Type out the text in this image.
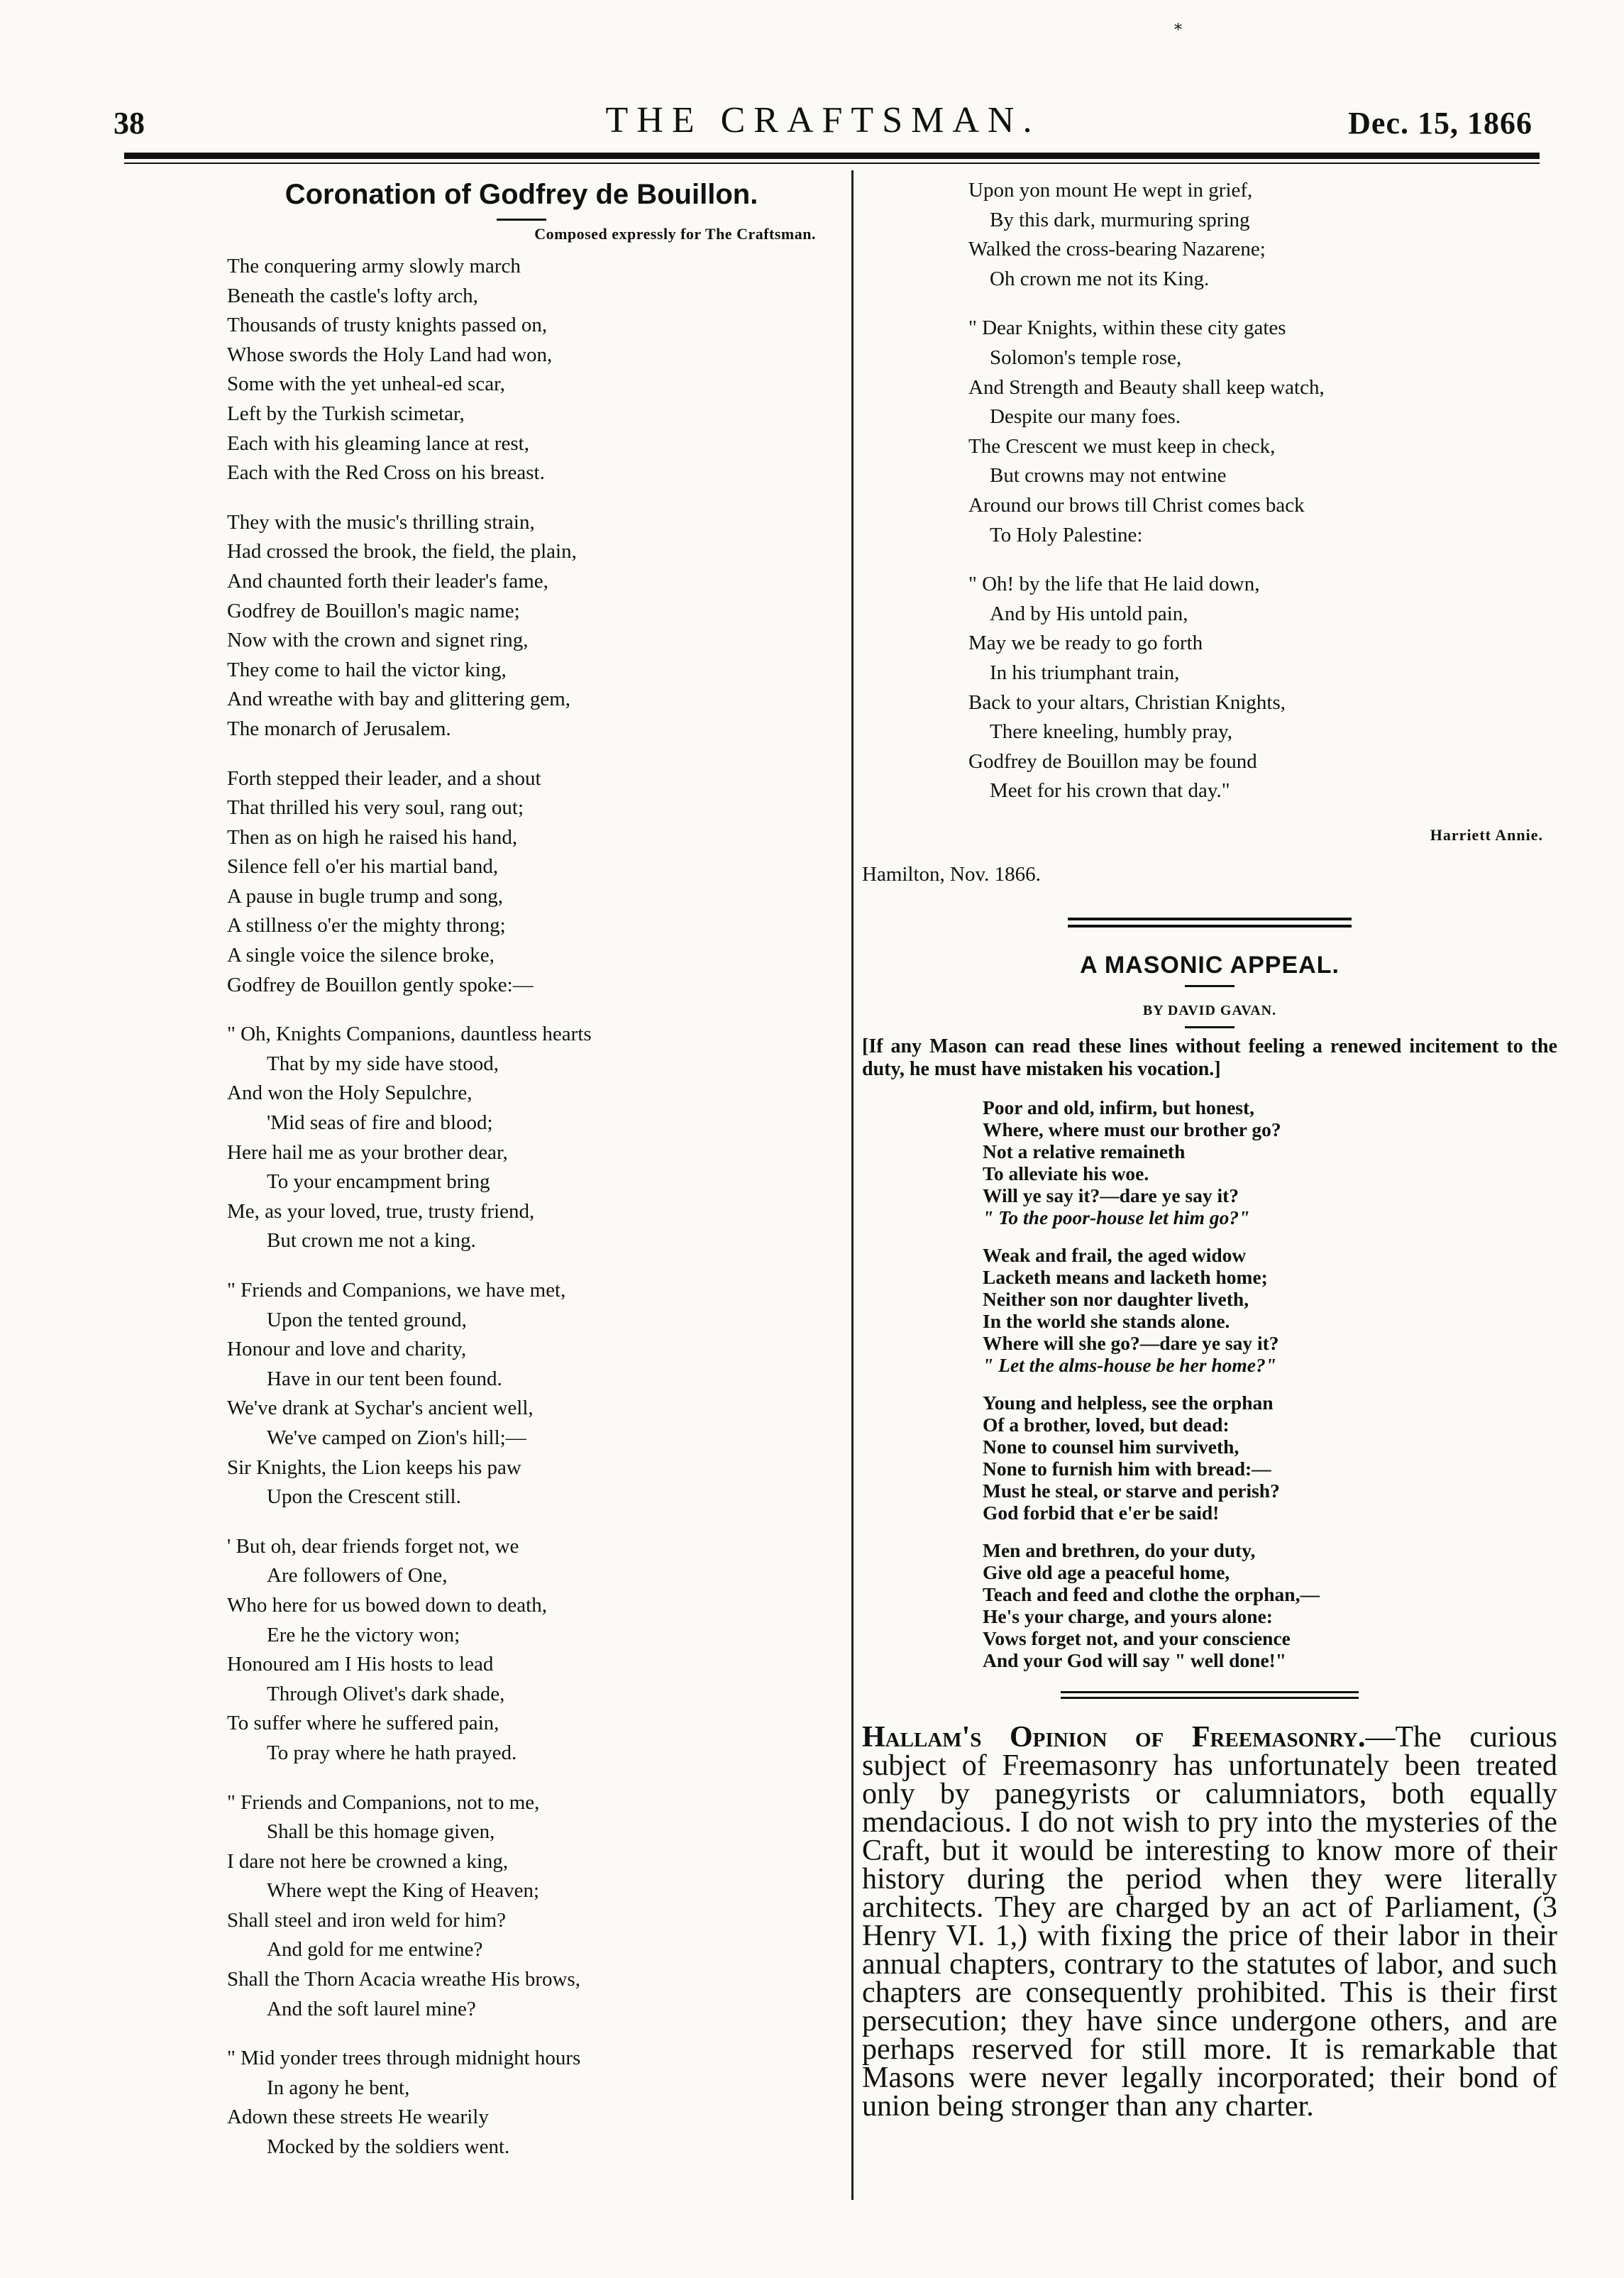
⁎
38	THE CRAFTSMAN.	Dec. 15, 1866
Coronation of Godfrey de Bouillon.
Composed expressly for The Craftsman.
The conquering army slowly march
Beneath the castle's lofty arch,
Thousands of trusty knights passed on,
Whose swords the Holy Land had won,
Some with the yet unheal-ed scar,
Left by the Turkish scimetar,
Each with his gleaming lance at rest,
Each with the Red Cross on his breast.
They with the music's thrilling strain,
Had crossed the brook, the field, the plain,
And chaunted forth their leader's fame,
Godfrey de Bouillon's magic name;
Now with the crown and signet ring,
They come to hail the victor king,
And wreathe with bay and glittering gem,
The monarch of Jerusalem.
Forth stepped their leader, and a shout
That thrilled his very soul, rang out;
Then as on high he raised his hand,
Silence fell o'er his martial band,
A pause in bugle trump and song,
A stillness o'er the mighty throng;
A single voice the silence broke,
Godfrey de Bouillon gently spoke:—
" Oh, Knights Companions, dauntless hearts
That by my side have stood,
And won the Holy Sepulchre,
'Mid seas of fire and blood;
Here hail me as your brother dear,
To your encampment bring
Me, as your loved, true, trusty friend,
But crown me not a king.
" Friends and Companions, we have met,
Upon the tented ground,
Honour and love and charity,
Have in our tent been found.
We've drank at Sychar's ancient well,
We've camped on Zion's hill;—
Sir Knights, the Lion keeps his paw
Upon the Crescent still.
' But oh, dear friends forget not, we
Are followers of One,
Who here for us bowed down to death,
Ere he the victory won;
Honoured am I His hosts to lead
Through Olivet's dark shade,
To suffer where he suffered pain,
To pray where he hath prayed.
" Friends and Companions, not to me,
Shall be this homage given,
I dare not here be crowned a king,
Where wept the King of Heaven;
Shall steel and iron weld for him?
And gold for me entwine?
Shall the Thorn Acacia wreathe His brows,
And the soft laurel mine?
" Mid yonder trees through midnight hours
In agony he bent,
Adown these streets He wearily
Mocked by the soldiers went.
Upon yon mount He wept in grief,
By this dark, murmuring spring
Walked the cross-bearing Nazarene;
Oh crown me not its King.
" Dear Knights, within these city gates
Solomon's temple rose,
And Strength and Beauty shall keep watch,
Despite our many foes.
The Crescent we must keep in check,
But crowns may not entwine
Around our brows till Christ comes back
To Holy Palestine:
" Oh! by the life that He laid down,
And by His untold pain,
May we be ready to go forth
In his triumphant train,
Back to your altars, Christian Knights,
There kneeling, humbly pray,
Godfrey de Bouillon may be found
Meet for his crown that day."
Harriett Annie.
Hamilton, Nov. 1866.
A MASONIC APPEAL.
BY DAVID GAVAN.
[If any Mason can read these lines without feeling a renewed incitement to the duty, he must have mistaken his vocation.]
Poor and old, infirm, but honest,
Where, where must our brother go?
Not a relative remaineth
To alleviate his woe.
Will ye say it?—dare ye say it?
" To the poor-house let him go?"
Weak and frail, the aged widow
Lacketh means and lacketh home;
Neither son nor daughter liveth,
In the world she stands alone.
Where will she go?—dare ye say it?
" Let the alms-house be her home?"
Young and helpless, see the orphan
Of a brother, loved, but dead:
None to counsel him surviveth,
None to furnish him with bread:—
Must he steal, or starve and perish?
God forbid that e'er be said!
Men and brethren, do your duty,
Give old age a peaceful home,
Teach and feed and clothe the orphan,—
He's your charge, and yours alone:
Vows forget not, and your conscience
And your God will say " well done!"
Hallam's Opinion of Freemasonry.—The curious subject of Freemasonry has unfortunately been treated only by panegyrists or calumniators, both equally mendacious. I do not wish to pry into the mysteries of the Craft, but it would be interesting to know more of their history during the period when they were literally architects. They are charged by an act of Parliament, (3 Henry VI. 1,) with fixing the price of their labor in their annual chapters, contrary to the statutes of labor, and such chapters are consequently prohibited. This is their first persecution; they have since undergone others, and are perhaps reserved for still more. It is remarkable that Masons were never legally incorporated; their bond of union being stronger than any charter.
